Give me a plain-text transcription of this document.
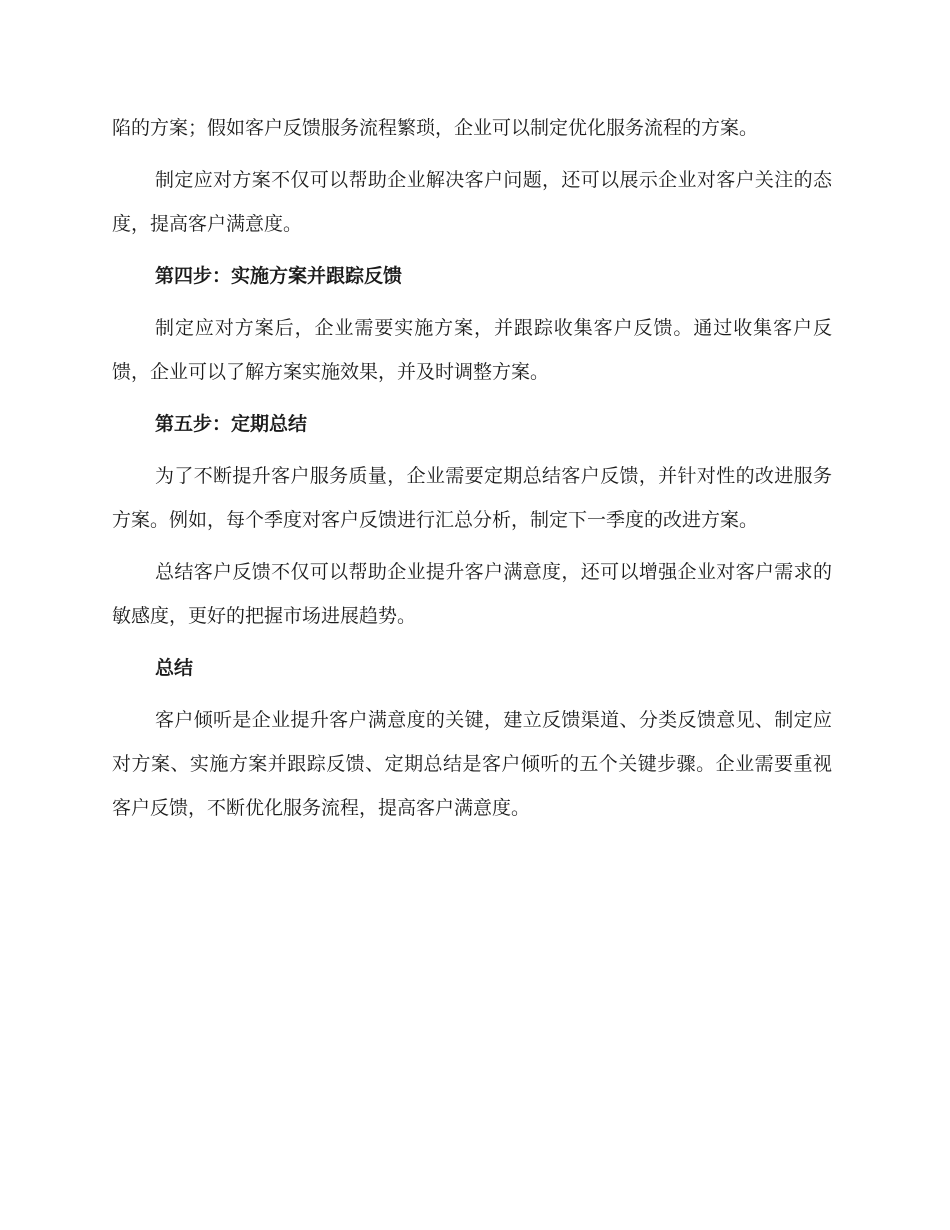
陷的方案；假如客户反馈服务流程繁琐，企业可以制定优化服务流程的方案。

制定应对方案不仅可以帮助企业解决客户问题，还可以展示企业对客户关注的态度，提高客户满意度。

第四步：实施方案并跟踪反馈

制定应对方案后，企业需要实施方案，并跟踪收集客户反馈。通过收集客户反馈，企业可以了解方案实施效果，并及时调整方案。

第五步：定期总结

为了不断提升客户服务质量，企业需要定期总结客户反馈，并针对性的改进服务方案。例如，每个季度对客户反馈进行汇总分析，制定下一季度的改进方案。

总结客户反馈不仅可以帮助企业提升客户满意度，还可以增强企业对客户需求的敏感度，更好的把握市场进展趋势。

总结

客户倾听是企业提升客户满意度的关键，建立反馈渠道、分类反馈意见、制定应对方案、实施方案并跟踪反馈、定期总结是客户倾听的五个关键步骤。企业需要重视客户反馈，不断优化服务流程，提高客户满意度。
